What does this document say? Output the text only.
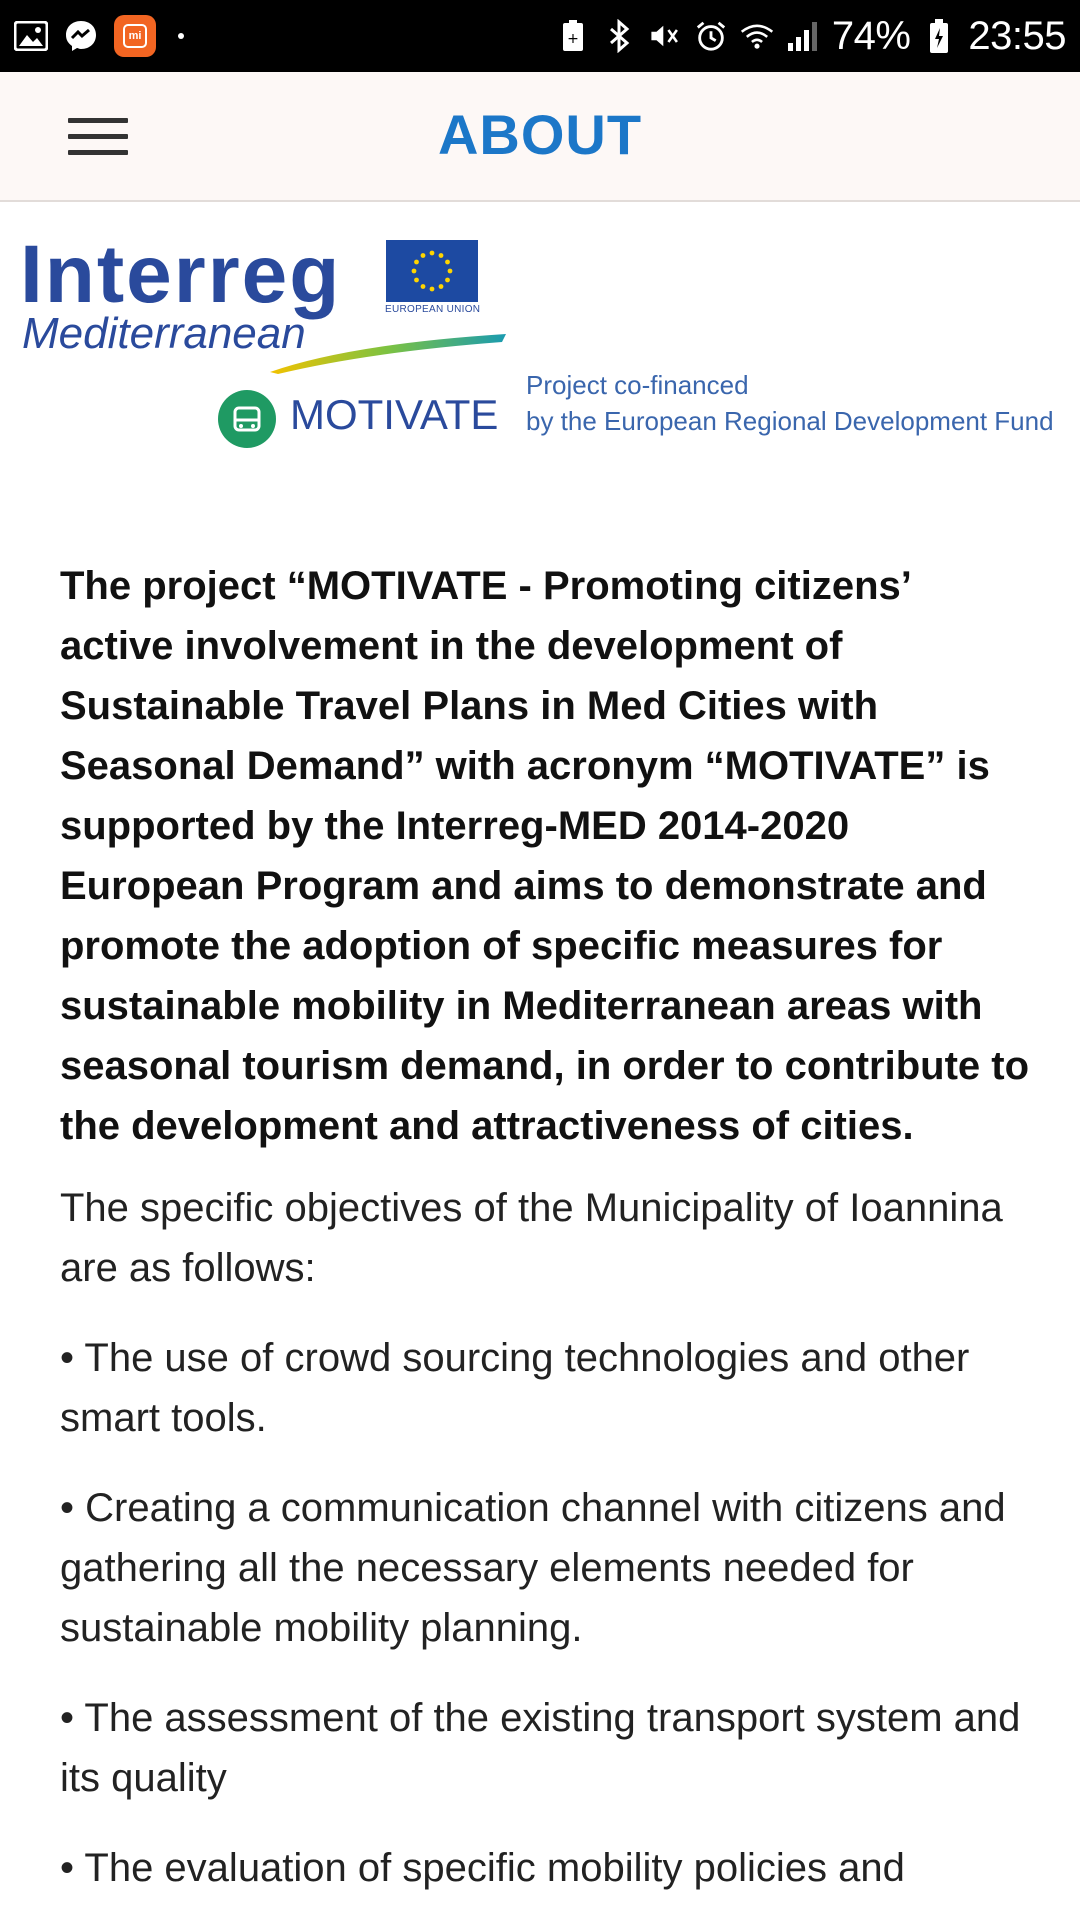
mi	+	74% 23:55
ABOUT
Interreg	EUROPEAN UNION
Mediterranean
MOTIVATE
Project co-financed
by the European Regional Development Fund

The project “MOTIVATE - Promoting citizens’ active involvement in the development of Sustainable Travel Plans in Med Cities with Seasonal Demand” with acronym “MOTIVATE” is supported by the Interreg-MED 2014-2020 European Program and aims to demonstrate and promote the adoption of specific measures for sustainable mobility in Mediterranean areas with seasonal tourism demand, in order to contribute to the development and attractiveness of cities.

The specific objectives of the Municipality of Ioannina are as follows:

• The use of crowd sourcing technologies and other smart tools.

• Creating a communication channel with citizens and gathering all the necessary elements needed for sustainable mobility planning.

• The assessment of the existing transport system and its quality

• The evaluation of specific mobility policies and
